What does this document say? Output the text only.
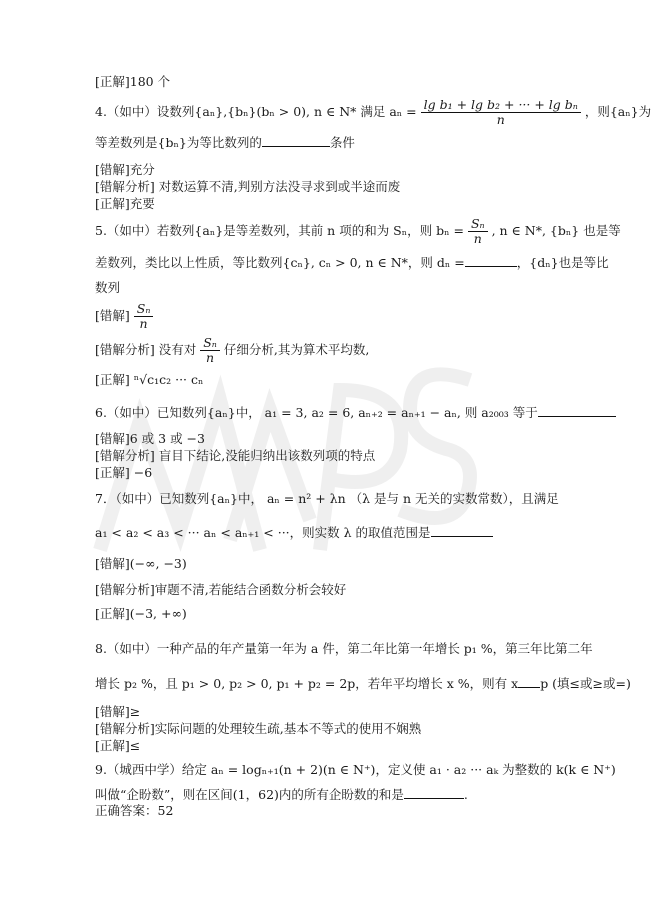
[正解]180 个
4.（如中）设数列{aₙ},{bₙ}(bₙ > 0), n ∈ N* 满足 $a_n = \frac{\text{lg b₁ + lg b₂ + ··· + lg bₙ}}{n}$ ，则{aₙ}为
等差数列是{bₙ}为等比数列的	条件
[错解]充分
[错解分析] 对数运算不清,判别方法没寻求到或半途而废
[正解]充要
5.（如中）若数列{aₙ}是等差数列，其前 n 项的和为 Sₙ，则 $b_n = \frac{\text{Sₙ}}{n}$ , n ∈ N*, {bₙ} 也是等
差数列，类比以上性质，等比数列{cₙ}, cₙ > 0, n ∈ N*，则 dₙ =	，{dₙ}也是等比
数列
[错解] $\frac{\text{Sₙ}}{n}$
[错解分析] 没有对 $\frac{\text{Sₙ}}{n}$ 仔细分析,其为算术平均数,
[正解] ⁿ√c₁c₂ ··· cₙ
6.（如中）已知数列{aₙ}中， a₁ = 3, a₂ = 6, aₙ₊₂ = aₙ₊₁ − aₙ, 则 a₂₀₀₃ 等于
[错解]6 或 3 或 −3
[错解分析] 盲目下结论,没能归纳出该数列项的特点
[正解] −6
7．（如中）已知数列{aₙ}中， aₙ = n² + λn （λ 是与 n 无关的实数常数），且满足
a₁ < a₂ < a₃ < ··· aₙ < aₙ₊₁ < ···，则实数 λ 的取值范围是
[错解](−∞, −3)
[错解分析]审题不清,若能结合函数分析会较好
[正解](−3, +∞)
8.（如中）一种产品的年产量第一年为 a 件，第二年比第一年增长 p₁ %，第三年比第二年
增长 p₂ %，且 p₁ > 0, p₂ > 0, p₁ + p₂ = 2p，若年平均增长 x %，则有 x p (填≤或≥或=)
[错解]≥
[错解分析]实际问题的处理较生疏,基本不等式的使用不娴熟
[正解]≤
9.（城西中学）给定 aₙ = logₙ₊₁(n + 2)(n ∈ N⁺)，定义使 a₁ · a₂ ··· aₖ 为整数的 k(k ∈ N⁺)
叫做“企盼数”，则在区间(1，62)内的所有企盼数的和是	.
正确答案：52
